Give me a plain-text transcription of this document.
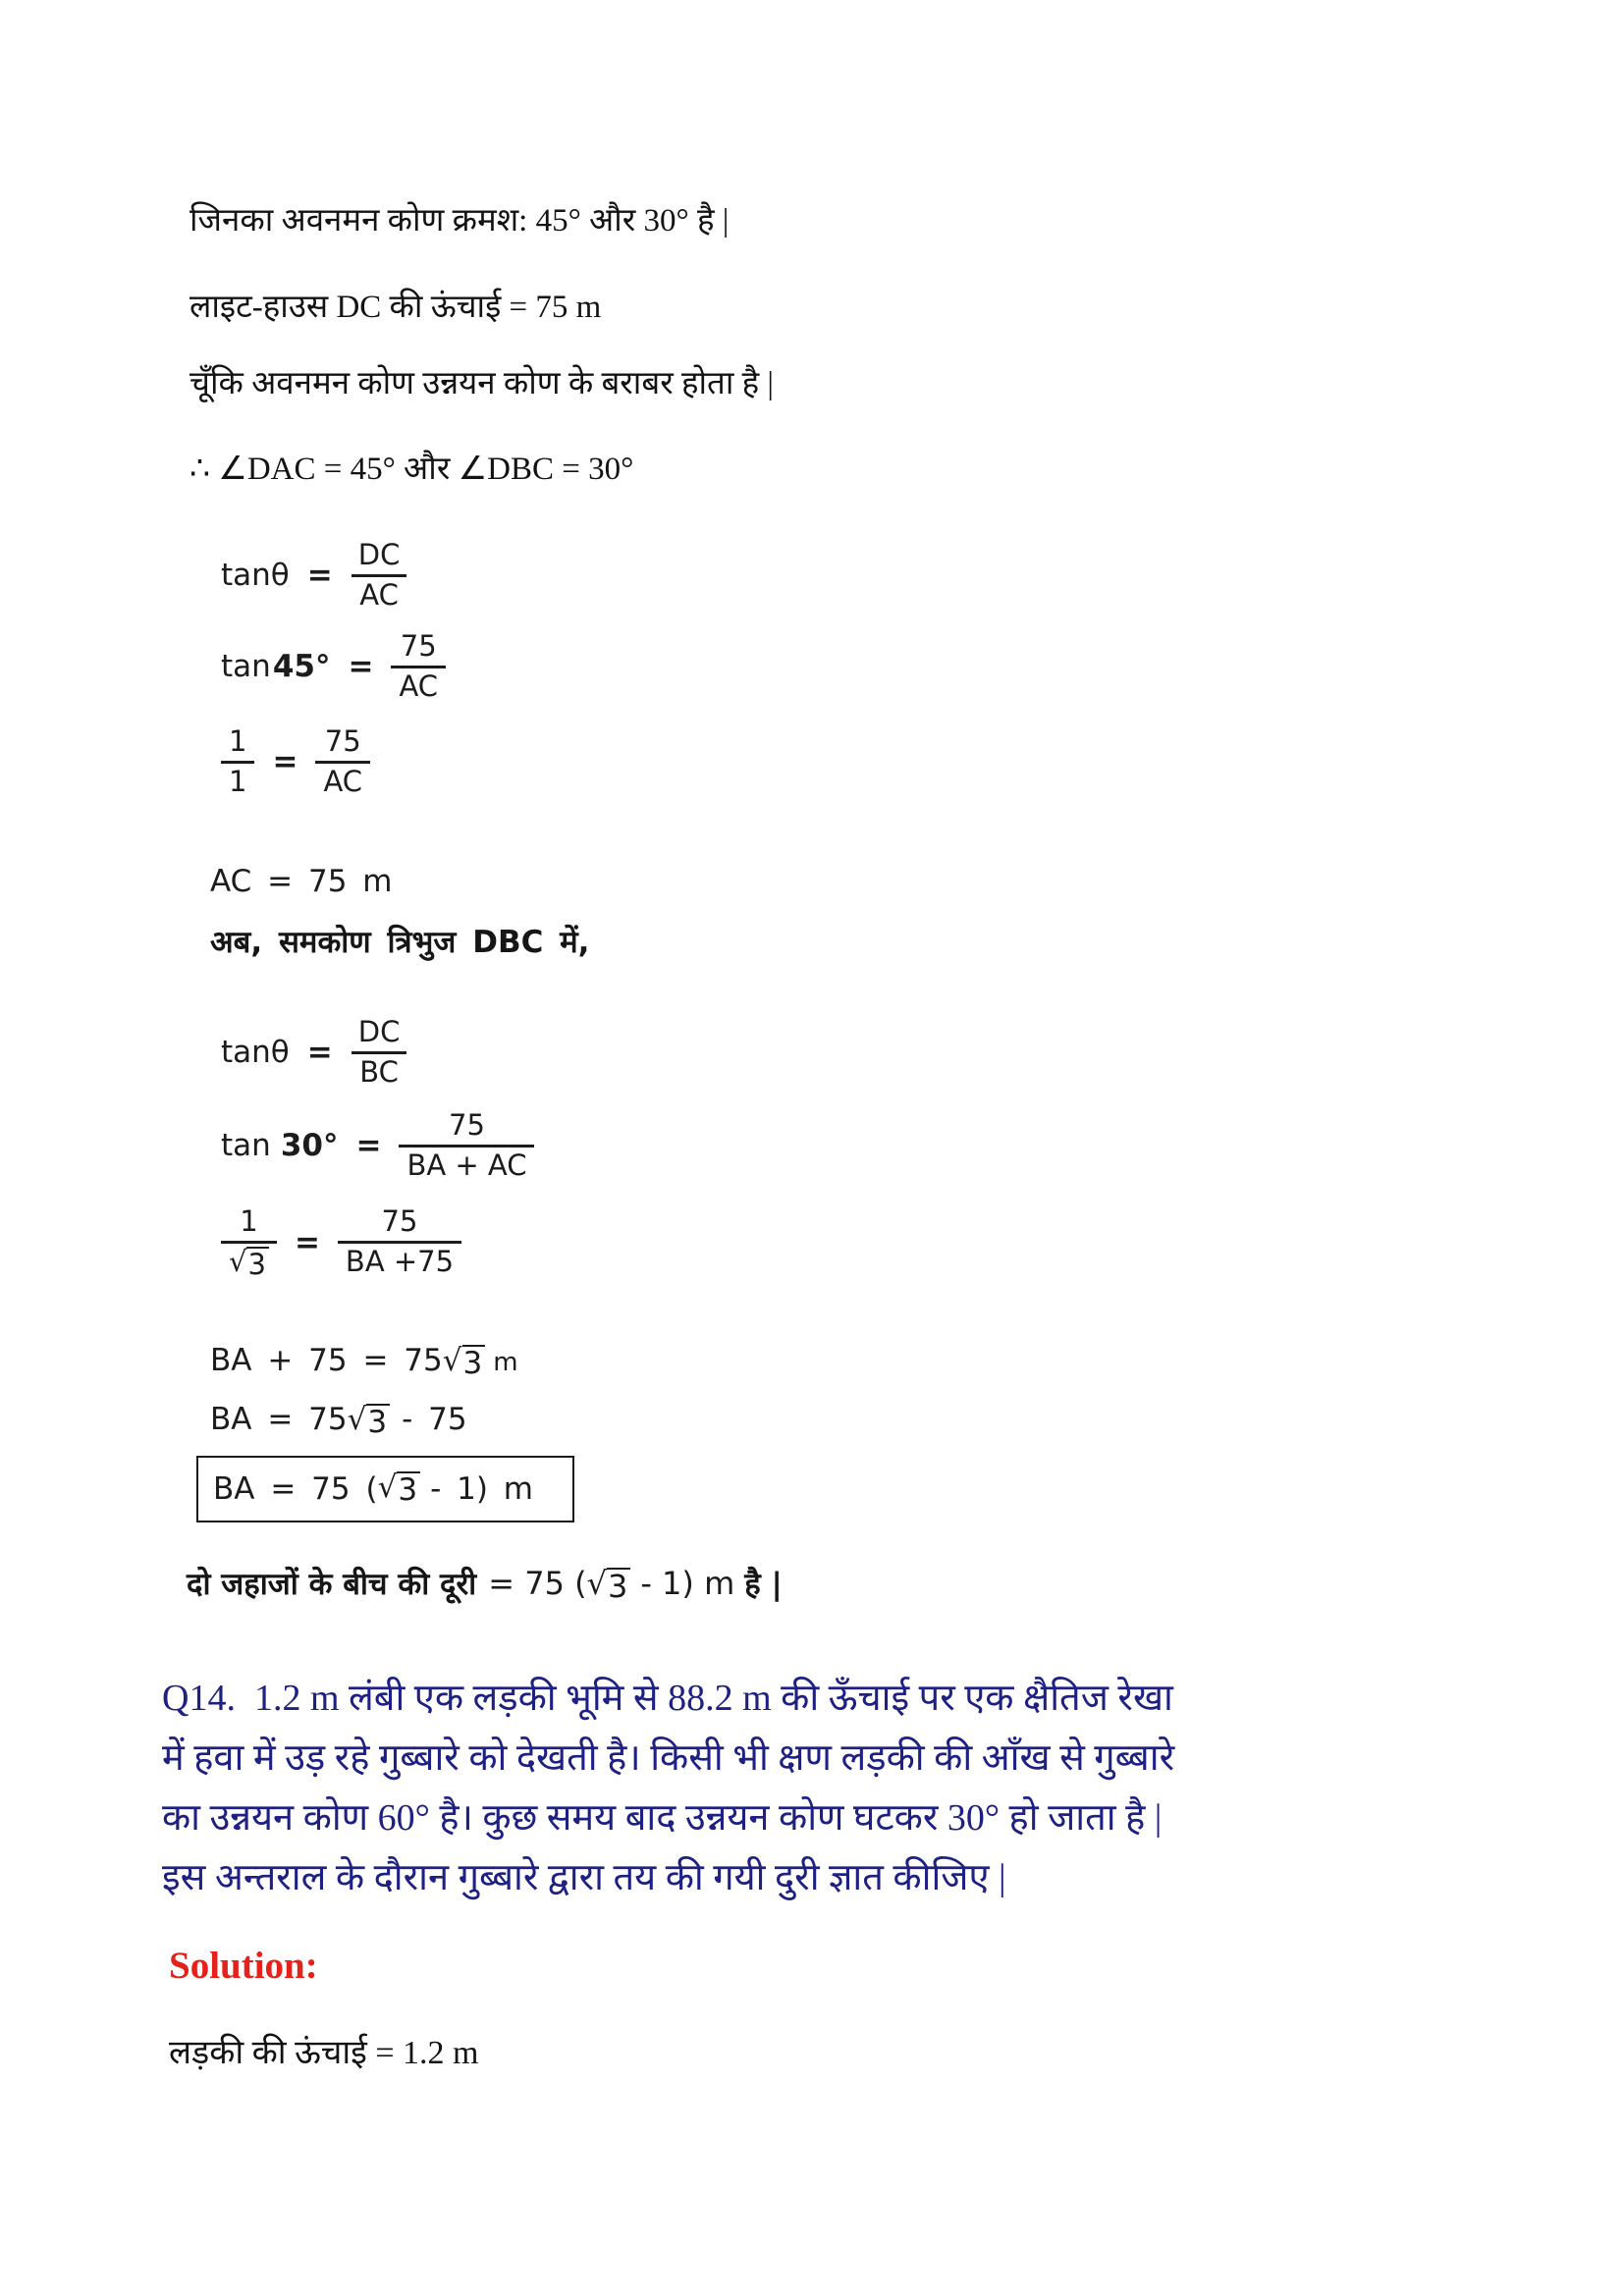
जिनका अवनमन कोण क्रमश: 45° और 30° है |
लाइट-हाउस DC की ऊंचाई = 75 m
चूँकि अवनमन कोण उन्नयन कोण के बराबर होता है |
∴ ∠DAC = 45° और ∠DBC = 30°
$\tan\theta = \frac{DC}{AC}$
$\tan 45^\circ = \frac{75}{AC}$
$\frac{1}{1} = \frac{75}{AC}$
AC = 75 m
अब, समकोण त्रिभुज DBC में,
$\tan\theta = \frac{DC}{BC}$
$\tan 30^\circ = \frac{75}{BA + AC}$
$\frac{1}{√ 3} = \frac{75}{BA +75}$
BA + 75 = 75 √ 3 m
BA = 75 √ 3 - 75
BA = 75 ( √ 3 - 1) m
दो जहाजों के बीच की दूरी = 75 ( √ 3 - 1) m है |
Q14.  1.2 m लंबी एक लड़की भूमि से 88.2 m की ऊँचाई पर एक क्षैतिज रेखा
में हवा में उड़ रहे गुब्बारे को देखती है। किसी भी क्षण लड़की की आँख से गुब्बारे
का उन्नयन कोण 60° है। कुछ समय बाद उन्नयन कोण घटकर 30° हो जाता है |
इस अन्तराल के दौरान गुब्बारे द्वारा तय की गयी दुरी ज्ञात कीजिए |
Solution:
लड़की की ऊंचाई = 1.2 m
